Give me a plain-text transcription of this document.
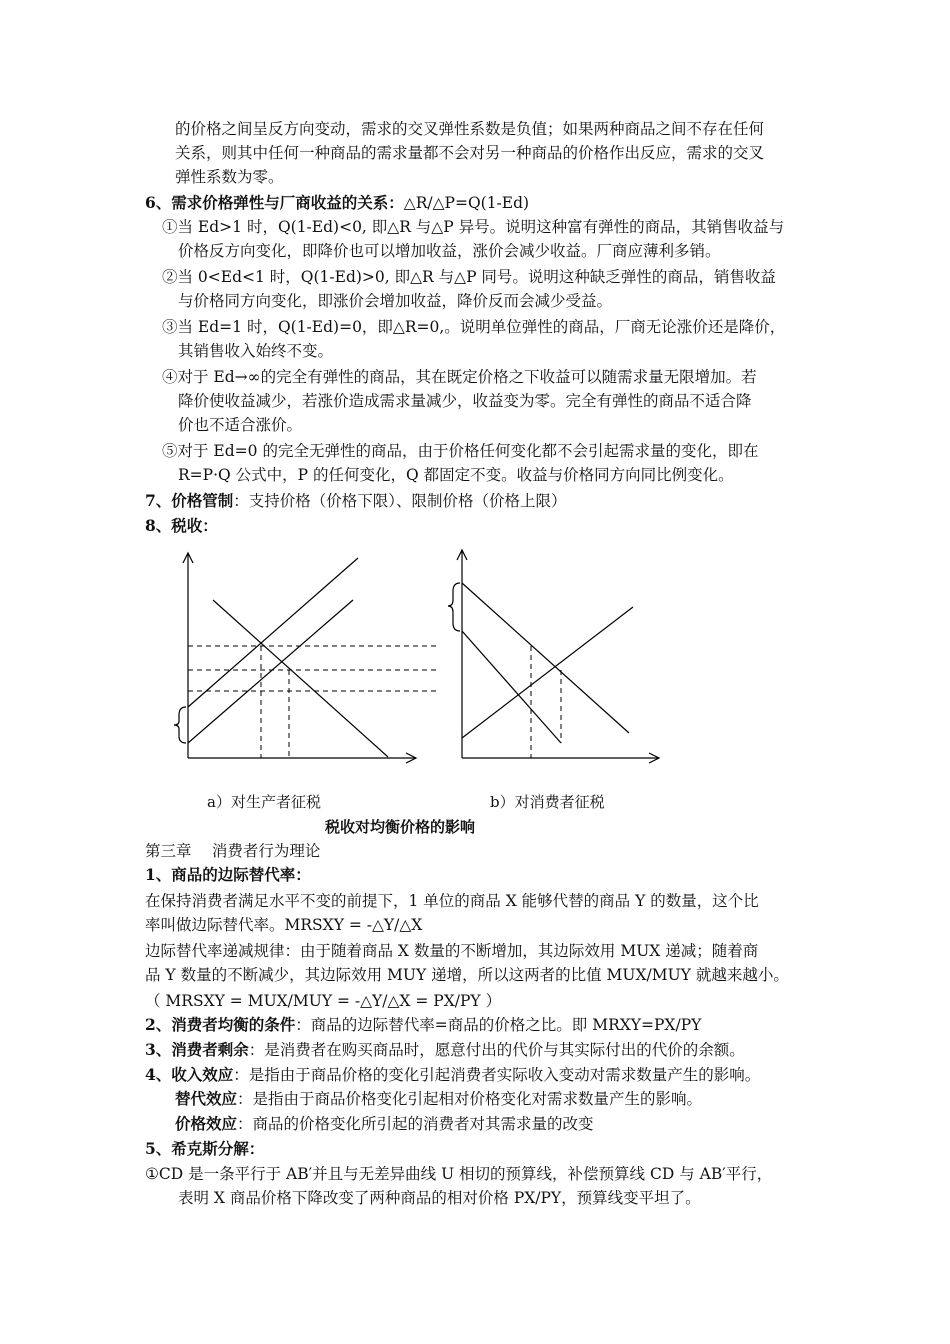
的价格之间呈反方向变动，需求的交叉弹性系数是负值；如果两种商品之间不存在任何
关系，则其中任何一种商品的需求量都不会对另一种商品的价格作出反应，需求的交叉
弹性系数为零。
6、需求价格弹性与厂商收益的关系：△R/△P=Q(1-Ed)
①当 Ed>1 时，Q(1-Ed)<0, 即△R 与△P 异号。说明这种富有弹性的商品，其销售收益与
价格反方向变化，即降价也可以增加收益，涨价会减少收益。厂商应薄利多销。
②当 0<Ed<1 时，Q(1-Ed)>0, 即△R 与△P 同号。说明这种缺乏弹性的商品，销售收益
与价格同方向变化，即涨价会增加收益，降价反而会减少受益。
③当 Ed=1 时，Q(1-Ed)=0，即△R=0,。说明单位弹性的商品，厂商无论涨价还是降价，
其销售收入始终不变。
④对于 Ed→∞的完全有弹性的商品，其在既定价格之下收益可以随需求量无限增加。若
降价使收益减少，若涨价造成需求量减少，收益变为零。完全有弹性的商品不适合降
价也不适合涨价。
⑤对于 Ed=0 的完全无弹性的商品，由于价格任何变化都不会引起需求量的变化，即在
R=P·Q 公式中，P 的任何变化，Q 都固定不变。收益与价格同方向同比例变化。
7、价格管制：支持价格（价格下限）、限制价格（价格上限）
8、税收：
a）对生产者征税	b）对消费者征税
税收对均衡价格的影响
第三章　 消费者行为理论
1、商品的边际替代率：
在保持消费者满足水平不变的前提下，1 单位的商品 X 能够代替的商品 Y 的数量，这个比
率叫做边际替代率。MRSXY = -△Y/△X
边际替代率递减规律：由于随着商品 X 数量的不断增加，其边际效用 MUX 递减；随着商
品 Y 数量的不断减少，其边际效用 MUY 递增，所以这两者的比值 MUX/MUY 就越来越小。
（ MRSXY = MUX/MUY = -△Y/△X = PX/PY ）
2、消费者均衡的条件：商品的边际替代率=商品的价格之比。即 MRXY=PX/PY
3、消费者剩余：是消费者在购买商品时，愿意付出的代价与其实际付出的代价的余额。
4、收入效应：是指由于商品价格的变化引起消费者实际收入变动对需求数量产生的影响。
替代效应：是指由于商品价格变化引起相对价格变化对需求数量产生的影响。
价格效应：商品的价格变化所引起的消费者对其需求量的改变
5、希克斯分解：
①CD 是一条平行于 AB′并且与无差异曲线 U 相切的预算线，补偿预算线 CD 与 AB′平行，
表明 X 商品价格下降改变了两种商品的相对价格 PX/PY，预算线变平坦了。
